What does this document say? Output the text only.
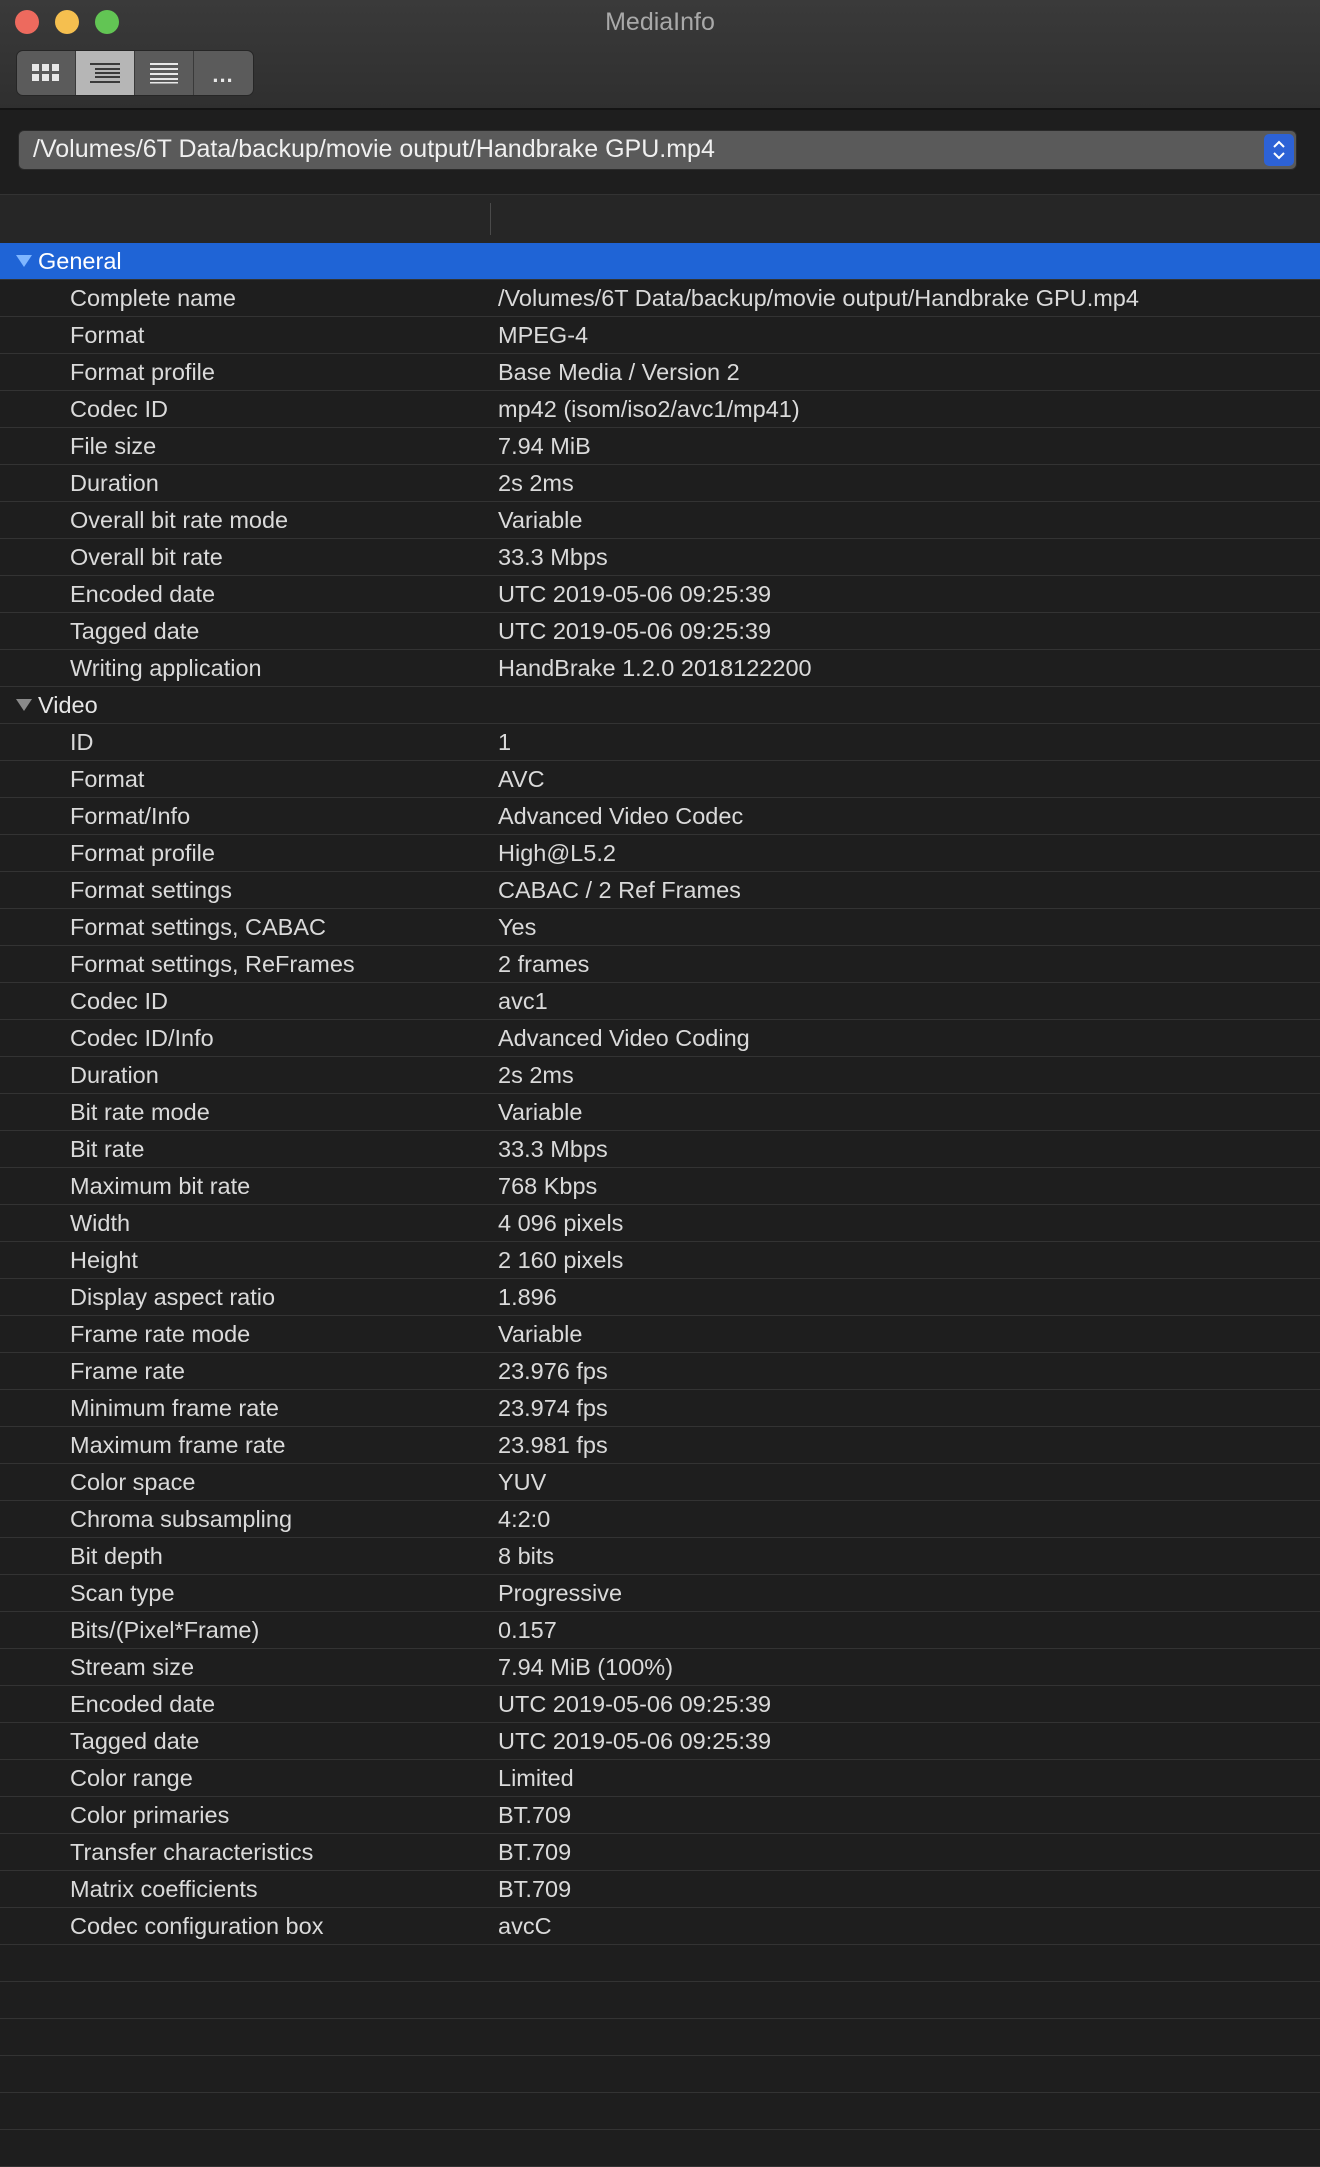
MediaInfo
...
/Volumes/6T Data/backup/movie output/Handbrake GPU.mp4
General
Complete name	/Volumes/6T Data/backup/movie output/Handbrake GPU.mp4
Format	MPEG-4
Format profile	Base Media / Version 2
Codec ID	mp42 (isom/iso2/avc1/mp41)
File size	7.94 MiB
Duration	2s 2ms
Overall bit rate mode	Variable
Overall bit rate	33.3 Mbps
Encoded date	UTC 2019-05-06 09:25:39
Tagged date	UTC 2019-05-06 09:25:39
Writing application	HandBrake 1.2.0 2018122200
Video
ID	1
Format	AVC
Format/Info	Advanced Video Codec
Format profile	High@L5.2
Format settings	CABAC / 2 Ref Frames
Format settings, CABAC	Yes
Format settings, ReFrames	2 frames
Codec ID	avc1
Codec ID/Info	Advanced Video Coding
Duration	2s 2ms
Bit rate mode	Variable
Bit rate	33.3 Mbps
Maximum bit rate	768 Kbps
Width	4 096 pixels
Height	2 160 pixels
Display aspect ratio	1.896
Frame rate mode	Variable
Frame rate	23.976 fps
Minimum frame rate	23.974 fps
Maximum frame rate	23.981 fps
Color space	YUV
Chroma subsampling	4:2:0
Bit depth	8 bits
Scan type	Progressive
Bits/(Pixel*Frame)	0.157
Stream size	7.94 MiB (100%)
Encoded date	UTC 2019-05-06 09:25:39
Tagged date	UTC 2019-05-06 09:25:39
Color range	Limited
Color primaries	BT.709
Transfer characteristics	BT.709
Matrix coefficients	BT.709
Codec configuration box	avcC
